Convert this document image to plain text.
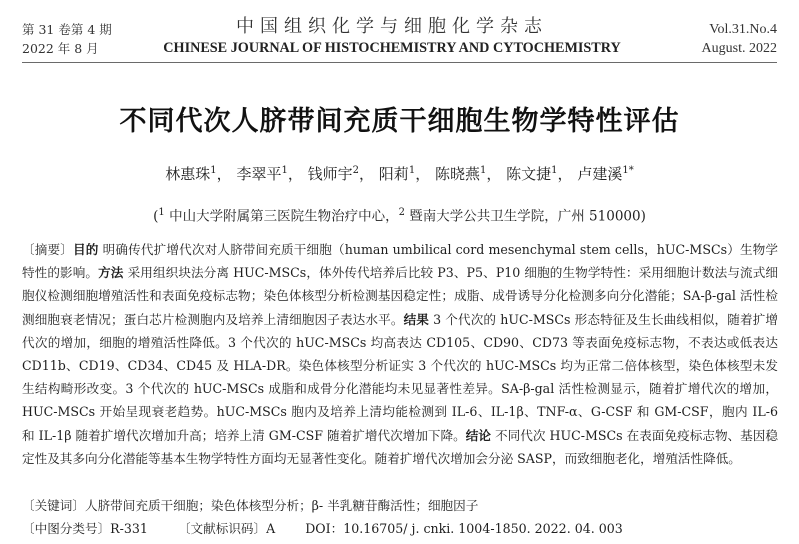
第 31 卷第 4 期
2022 年 8 月
中国组织化学与细胞化学杂志
CHINESE JOURNAL OF HISTOCHEMISTRY AND CYTOCHEMISTRY
Vol.31.No.4
August. 2022
不同代次人脐带间充质干细胞生物学特性评估
林惠珠$^1$， 李翠平$^1$， 钱师宇$^2$， 阳莉$^1$， 陈晓燕$^1$， 陈文捷$^1$， 卢建溪$^{1*}$
($^1$ 中山大学附属第三医院生物治疗中心，$^2$ 暨南大学公共卫生学院，广州 510000)
〔摘要〕目的 明确传代扩增代次对人脐带间充质干细胞（human umbilical cord mesenchymal stem cells，hUC-MSCs）生物学特性的影响。方法 采用组织块法分离 HUC-MSCs，体外传代培养后比较 P3、P5、P10 细胞的生物学特性：采用细胞计数法与流式细胞仪检测细胞增殖活性和表面免疫标志物；染色体核型分析检测基因稳定性；成脂、成骨诱导分化检测多向分化潜能；SA-β-gal 活性检测细胞衰老情况；蛋白芯片检测胞内及培养上清细胞因子表达水平。结果 3 个代次的 hUC-MSCs 形态特征及生长曲线相似，随着扩增代次的增加，细胞的增殖活性降低。3 个代次的 hUC-MSCs 均高表达 CD105、CD90、CD73 等表面免疫标志物，不表达或低表达 CD11b、CD19、CD34、CD45 及 HLA-DR。染色体核型分析证实 3 个代次的 hUC-MSCs 均为正常二倍体核型，染色体核型未发生结构畸形改变。3 个代次的 hUC-MSCs 成脂和成骨分化潜能均未见显著性差异。SA-β-gal 活性检测显示，随着扩增代次的增加，HUC-MSCs 开始呈现衰老趋势。hUC-MSCs 胞内及培养上清均能检测到 IL-6、IL-1β、TNF-α、G-CSF 和 GM-CSF，胞内 IL-6 和 IL-1β 随着扩增代次增加升高；培养上清 GM-CSF 随着扩增代次增加下降。结论 不同代次 HUC-MSCs 在表面免疫标志物、基因稳定性及其多向分化潜能等基本生物学特性方面均无显著性变化。随着扩增代次增加会分泌 SASP，而致细胞老化，增殖活性降低。
〔关键词〕人脐带间充质干细胞；染色体核型分析；β- 半乳糖苷酶活性；细胞因子
〔中图分类号〕R-331 〔文献标识码〕A DOI：10.16705/ j. cnki. 1004-1850. 2022. 04. 003
